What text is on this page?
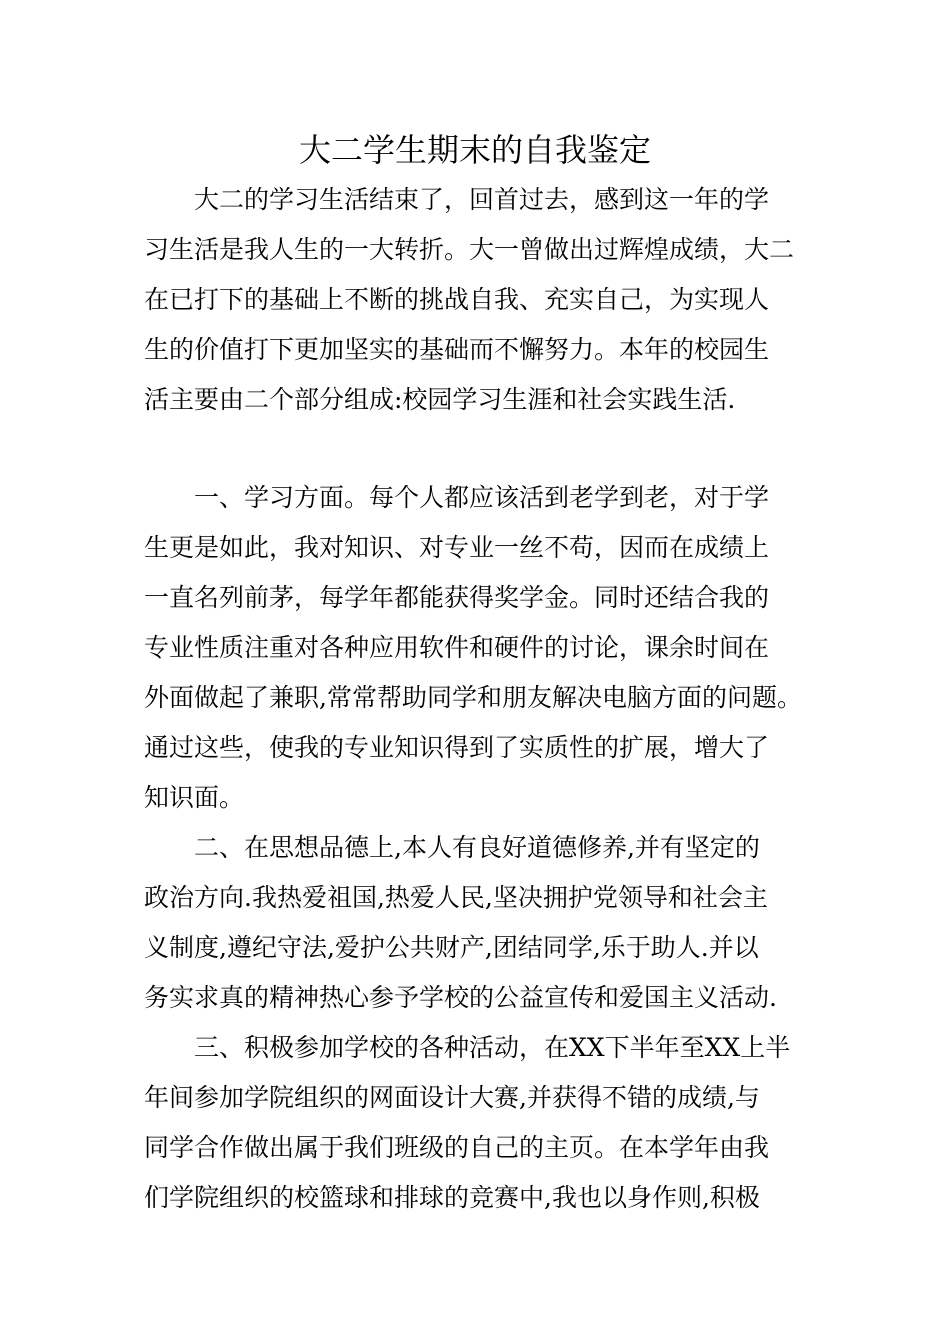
大二学生期末的自我鉴定

　　大二的学习生活结束了，回首过去，感到这一年的学

习生活是我人生的一大转折。大一曾做出过辉煌成绩，大二

在已打下的基础上不断的挑战自我、充实自己，为实现人

生的价值打下更加坚实的基础而不懈努力。本年的校园生

活主要由二个部分组成:校园学习生涯和社会实践生活.

　　一、学习方面。每个人都应该活到老学到老，对于学

生更是如此，我对知识、对专业一丝不苟，因而在成绩上

一直名列前茅，每学年都能获得奖学金。同时还结合我的

专业性质注重对各种应用软件和硬件的讨论，课余时间在

外面做起了兼职,常常帮助同学和朋友解决电脑方面的问题。

通过这些，使我的专业知识得到了实质性的扩展，增大了

知识面。

　　二、在思想品德上,本人有良好道德修养,并有坚定的

政治方向.我热爱祖国,热爱人民,坚决拥护党领导和社会主

义制度,遵纪守法,爱护公共财产,团结同学,乐于助人.并以

务实求真的精神热心参予学校的公益宣传和爱国主义活动.

　　三、积极参加学校的各种活动，在XX下半年至XX上半

年间参加学院组织的网面设计大赛,并获得不错的成绩,与

同学合作做出属于我们班级的自己的主页。在本学年由我

们学院组织的校篮球和排球的竞赛中,我也以身作则,积极
